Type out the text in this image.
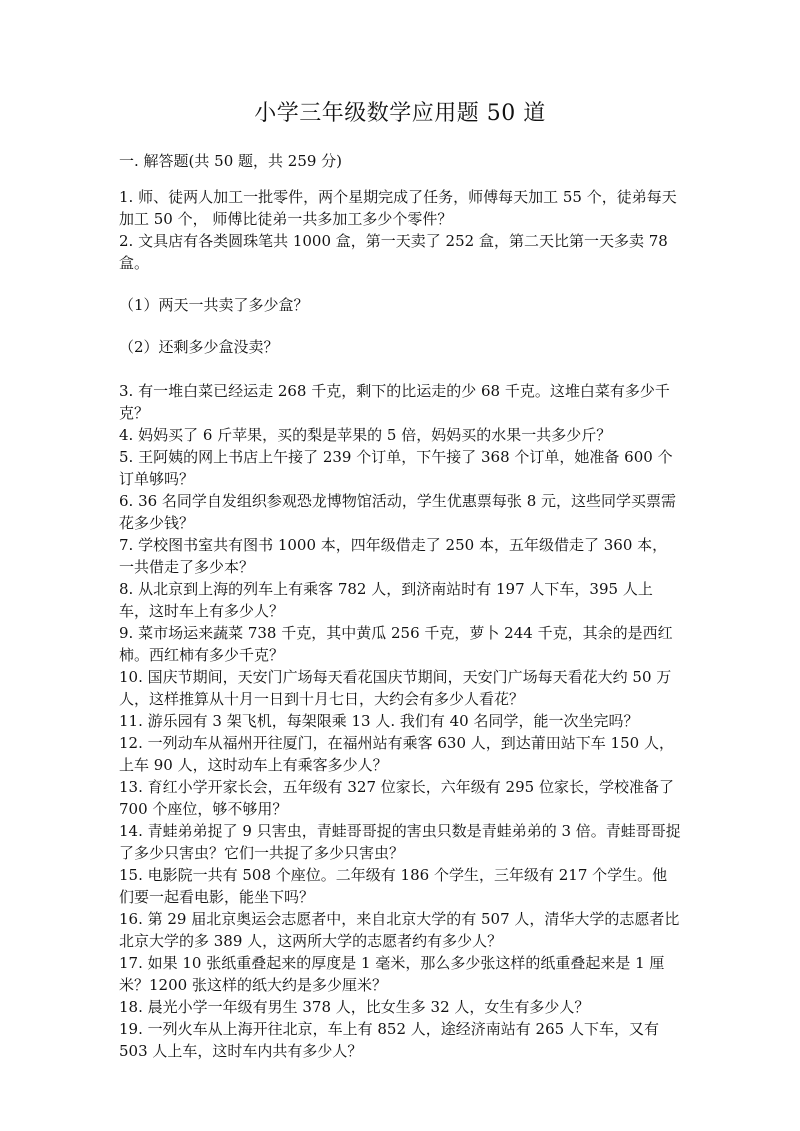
小学三年级数学应用题 50 道
一. 解答题(共 50 题，共 259 分)

1. 师、徒两人加工一批零件，两个星期完成了任务，师傅每天加工 55 个，徒弟每天加工 50 个， 师傅比徒弟一共多加工多少个零件？

2. 文具店有各类圆珠笔共 1000 盒，第一天卖了 252 盒，第二天比第一天多卖 78 盒。

（1）两天一共卖了多少盒？

（2）还剩多少盒没卖？

3. 有一堆白菜已经运走 268 千克，剩下的比运走的少 68 千克。这堆白菜有多少千克？

4. 妈妈买了 6 斤苹果，买的梨是苹果的 5 倍，妈妈买的水果一共多少斤？

5. 王阿姨的网上书店上午接了 239 个订单，下午接了 368 个订单，她准备 600 个订单够吗？

6. 36 名同学自发组织参观恐龙博物馆活动，学生优惠票每张 8 元，这些同学买票需花多少钱？

7. 学校图书室共有图书 1000 本，四年级借走了 250 本，五年级借走了 360 本，一共借走了多少本？

8. 从北京到上海的列车上有乘客 782 人，到济南站时有 197 人下车，395 人上车，这时车上有多少人？

9. 菜市场运来蔬菜 738 千克，其中黄瓜 256 千克，萝卜 244 千克，其余的是西红柿。西红柿有多少千克？

10. 国庆节期间，天安门广场每天看花国庆节期间，天安门广场每天看花大约 50 万人，这样推算从十月一日到十月七日，大约会有多少人看花？

11. 游乐园有 3 架飞机，每架限乘 13 人. 我们有 40 名同学，能一次坐完吗？

12. 一列动车从福州开往厦门，在福州站有乘客 630 人，到达莆田站下车 150 人，上车 90 人，这时动车上有乘客多少人？

13. 育红小学开家长会，五年级有 327 位家长，六年级有 295 位家长，学校准备了 700 个座位，够不够用？

14. 青蛙弟弟捉了 9 只害虫，青蛙哥哥捉的害虫只数是青蛙弟弟的 3 倍。青蛙哥哥捉了多少只害虫？它们一共捉了多少只害虫？

15. 电影院一共有 508 个座位。二年级有 186 个学生，三年级有 217 个学生。他们要一起看电影，能坐下吗？

16. 第 29 届北京奥运会志愿者中，来自北京大学的有 507 人，清华大学的志愿者比北京大学的多 389 人，这两所大学的志愿者约有多少人？

17. 如果 10 张纸重叠起来的厚度是 1 毫米，那么多少张这样的纸重叠起来是 1 厘米？1200 张这样的纸大约是多少厘米？

18. 晨光小学一年级有男生 378 人，比女生多 32 人，女生有多少人？

19. 一列火车从上海开往北京，车上有 852 人，途经济南站有 265 人下车，又有 503 人上车，这时车内共有多少人？
